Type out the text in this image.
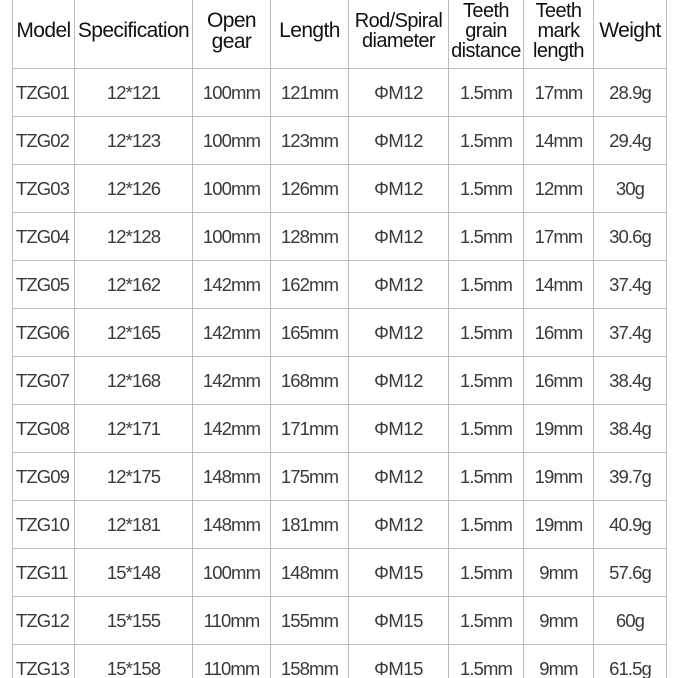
Model	Specification	Open gear	Length	Rod/Spiral diameter	Teeth grain distance	Teeth mark length	Weight
TZG01	12*121	100mm	121mm	ΦM12	1.5mm	17mm	28.9g
TZG02	12*123	100mm	123mm	ΦM12	1.5mm	14mm	29.4g
TZG03	12*126	100mm	126mm	ΦM12	1.5mm	12mm	30g
TZG04	12*128	100mm	128mm	ΦM12	1.5mm	17mm	30.6g
TZG05	12*162	142mm	162mm	ΦM12	1.5mm	14mm	37.4g
TZG06	12*165	142mm	165mm	ΦM12	1.5mm	16mm	37.4g
TZG07	12*168	142mm	168mm	ΦM12	1.5mm	16mm	38.4g
TZG08	12*171	142mm	171mm	ΦM12	1.5mm	19mm	38.4g
TZG09	12*175	148mm	175mm	ΦM12	1.5mm	19mm	39.7g
TZG10	12*181	148mm	181mm	ΦM12	1.5mm	19mm	40.9g
TZG11	15*148	100mm	148mm	ΦM15	1.5mm	9mm	57.6g
TZG12	15*155	110mm	155mm	ΦM15	1.5mm	9mm	60g
TZG13	15*158	110mm	158mm	ΦM15	1.5mm	9mm	61.5g
